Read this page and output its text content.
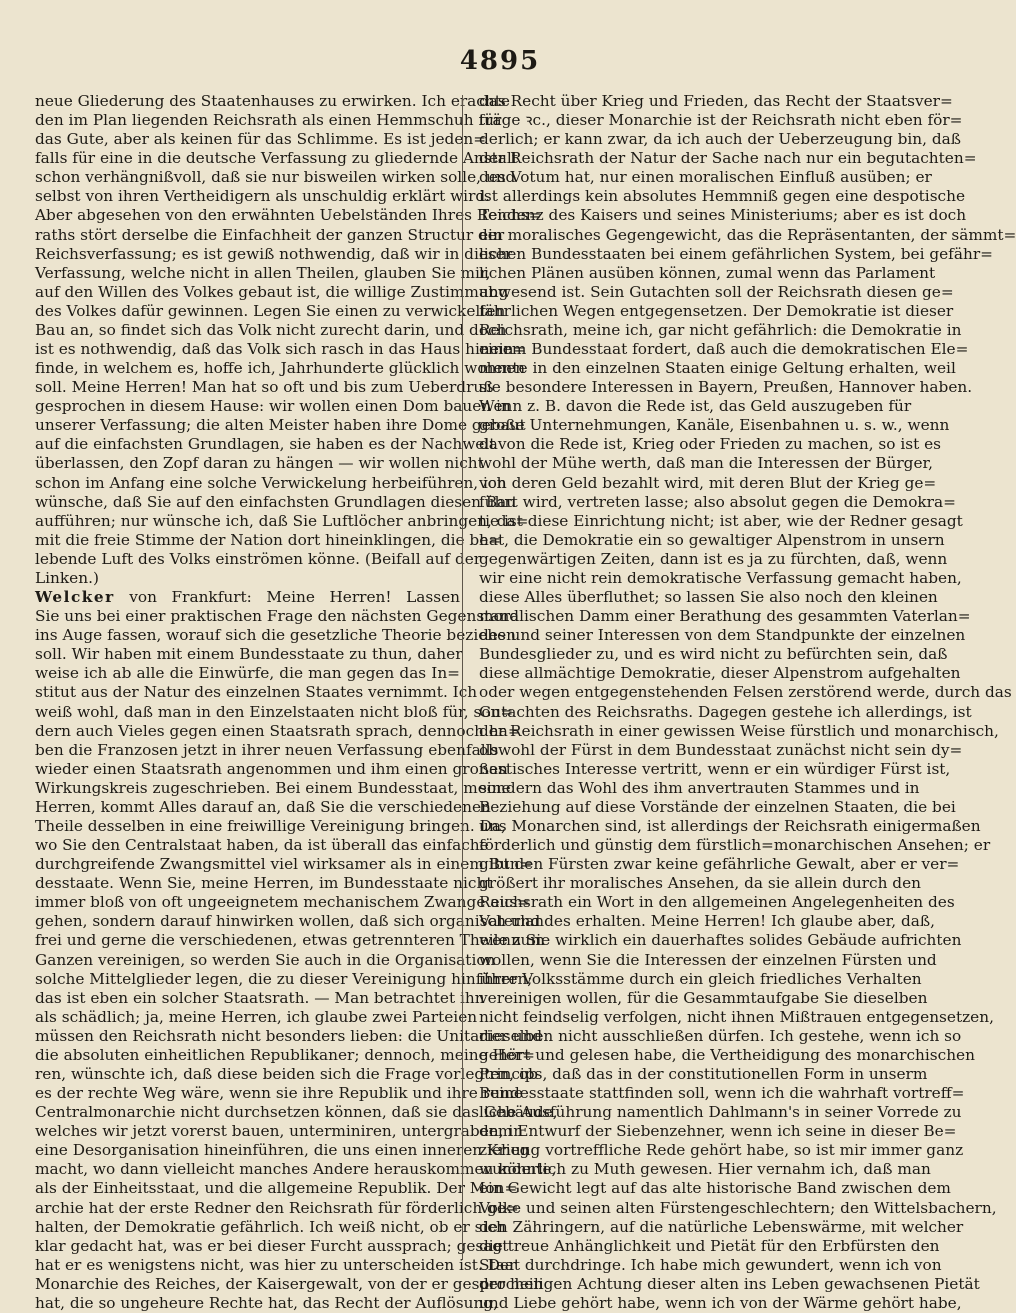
4895
neue Gliederung des Staatenhauses zu erwirken. Ich erachte
den im Plan liegenden Reichsrath als einen Hemmschuh für
das Gute, aber als keinen für das Schlimme. Es ist jeden=
falls für eine in die deutsche Verfassung zu gliedernde Anstalt
schon verhängnißvoll, daß sie nur bisweilen wirken solle, und
selbst von ihren Vertheidigern als unschuldig erklärt wird.
Aber abgesehen von den erwähnten Uebelständen Ihres Reichs=
raths stört derselbe die Einfachheit der ganzen Structur der
Reichsverfassung; es ist gewiß nothwendig, daß wir in dieser
Verfassung, welche nicht in allen Theilen, glauben Sie mir,
auf den Willen des Volkes gebaut ist, die willige Zustimmung
des Volkes dafür gewinnen. Legen Sie einen zu verwickelten
Bau an, so findet sich das Volk nicht zurecht darin, und doch
ist es nothwendig, daß das Volk sich rasch in das Haus hinein=
finde, in welchem es, hoffe ich, Jahrhunderte glücklich wohnen
soll. Meine Herren! Man hat so oft und bis zum Ueberdruß
gesprochen in diesem Hause: wir wollen einen Dom bauen in
unserer Verfassung; die alten Meister haben ihre Dome gebaut
auf die einfachsten Grundlagen, sie haben es der Nachwelt
überlassen, den Zopf daran zu hängen — wir wollen nicht
schon im Anfang eine solche Verwickelung herbeiführen, ich
wünsche, daß Sie auf den einfachsten Grundlagen diesen Bau
aufführen; nur wünsche ich, daß Sie Luftlöcher anbringen, da=
mit die freie Stimme der Nation dort hineinklingen, die be=
lebende Luft des Volks einströmen könne. (Beifall auf der
Linken.)
Welcker von Frankfurt: Meine Herren! Lassen
Sie uns bei einer praktischen Frage den nächsten Gegenstand
ins Auge fassen, worauf sich die gesetzliche Theorie beziehen
soll. Wir haben mit einem Bundesstaate zu thun, daher
weise ich ab alle die Einwürfe, die man gegen das In=
stitut aus der Natur des einzelnen Staates vernimmt. Ich
weiß wohl, daß man in den Einzelstaaten nicht bloß für, son=
dern auch Vieles gegen einen Staatsrath sprach, dennoch ha=
ben die Franzosen jetzt in ihrer neuen Verfassung ebenfalls
wieder einen Staatsrath angenommen und ihm einen großen
Wirkungskreis zugeschrieben. Bei einem Bundesstaat, meine
Herren, kommt Alles darauf an, daß Sie die verschiedenen
Theile desselben in eine freiwillige Vereinigung bringen. Da,
wo Sie den Centralstaat haben, da ist überall das einfache
durchgreifende Zwangsmittel viel wirksamer als in einem Bun=
desstaate. Wenn Sie, meine Herren, im Bundesstaate nicht
immer bloß von oft ungeeignetem mechanischem Zwange aus=
gehen, sondern darauf hinwirken wollen, daß sich organisch und
frei und gerne die verschiedenen, etwas getrennteren Theile zum
Ganzen vereinigen, so werden Sie auch in die Organisation
solche Mittelglieder legen, die zu dieser Vereinigung hinführen;
das ist eben ein solcher Staatsrath. — Man betrachtet ihn
als schädlich; ja, meine Herren, ich glaube zwei Parteien
müssen den Reichsrath nicht besonders lieben: die Unitarier und
die absoluten einheitlichen Republikaner; dennoch, meine Her=
ren, wünschte ich, daß diese beiden sich die Frage vorlegten, ob
es der rechte Weg wäre, wenn sie ihre Republik und ihre reine
Centralmonarchie nicht durchsetzen können, daß sie das Gebäude,
welches wir jetzt vorerst bauen, unterminiren, untergraben, in
eine Desorganisation hineinführen, die uns einen inneren Krieg
macht, wo dann vielleicht manches Andere herauskommen könnte,
als der Einheitsstaat, und die allgemeine Republik. Der Mon=
archie hat der erste Redner den Reichsrath für förderlich ge=
halten, der Demokratie gefährlich. Ich weiß nicht, ob er sich
klar gedacht hat, was er bei dieser Furcht aussprach; gesagt
hat er es wenigstens nicht, was hier zu unterscheiden ist. Der
Monarchie des Reiches, der Kaisergewalt, von der er gesprochen
hat, die so ungeheure Rechte hat, das Recht der Auflösung,
das Recht über Krieg und Frieden, das Recht der Staatsver=
träge ꝛc., dieser Monarchie ist der Reichsrath nicht eben för=
derlich; er kann zwar, da ich auch der Ueberzeugung bin, daß
der Reichsrath der Natur der Sache nach nur ein begutachten=
des Votum hat, nur einen moralischen Einfluß ausüben; er
ist allerdings kein absolutes Hemmniß gegen eine despotische
Tendenz des Kaisers und seines Ministeriums; aber es ist doch
ein moralisches Gegengewicht, das die Repräsentanten, der sämmt=
lichen Bundesstaaten bei einem gefährlichen System, bei gefähr=
lichen Plänen ausüben können, zumal wenn das Parlament
abwesend ist. Sein Gutachten soll der Reichsrath diesen ge=
fährlichen Wegen entgegensetzen. Der Demokratie ist dieser
Reichsrath, meine ich, gar nicht gefährlich: die Demokratie in
einem Bundesstaat fordert, daß auch die demokratischen Ele=
mente in den einzelnen Staaten einige Geltung erhalten, weil
sie besondere Interessen in Bayern, Preußen, Hannover haben.
Wenn z. B. davon die Rede ist, das Geld auszugeben für
große Unternehmungen, Kanäle, Eisenbahnen u. s. w., wenn
davon die Rede ist, Krieg oder Frieden zu machen, so ist es
wohl der Mühe werth, daß man die Interessen der Bürger,
von deren Geld bezahlt wird, mit deren Blut der Krieg ge=
führt wird, vertreten lasse; also absolut gegen die Demokra=
tie ist diese Einrichtung nicht; ist aber, wie der Redner gesagt
hat, die Demokratie ein so gewaltiger Alpenstrom in unsern
gegenwärtigen Zeiten, dann ist es ja zu fürchten, daß, wenn
wir eine nicht rein demokratische Verfassung gemacht haben,
diese Alles überfluthet; so lassen Sie also noch den kleinen
moralischen Damm einer Berathung des gesammten Vaterlan=
des und seiner Interessen von dem Standpunkte der einzelnen
Bundesglieder zu, und es wird nicht zu befürchten sein, daß
diese allmächtige Demokratie, dieser Alpenstrom aufgehalten
oder wegen entgegenstehenden Felsen zerstörend werde, durch das
Gutachten des Reichsraths. Dagegen gestehe ich allerdings, ist
der Reichsrath in einer gewissen Weise fürstlich und monarchisch,
obwohl der Fürst in dem Bundesstaat zunächst nicht sein dy=
nastisches Interesse vertritt, wenn er ein würdiger Fürst ist,
sondern das Wohl des ihm anvertrauten Stammes und in
Beziehung auf diese Vorstände der einzelnen Staaten, die bei
uns Monarchen sind, ist allerdings der Reichsrath einigermaßen
förderlich und günstig dem fürstlich=monarchischen Ansehen; er
gibt den Fürsten zwar keine gefährliche Gewalt, aber er ver=
größert ihr moralisches Ansehen, da sie allein durch den
Reichsrath ein Wort in den allgemeinen Angelegenheiten des
Vaterlandes erhalten. Meine Herren! Ich glaube aber, daß,
wenn Sie wirklich ein dauerhaftes solides Gebäude aufrichten
wollen, wenn Sie die Interessen der einzelnen Fürsten und
ihrer Volksstämme durch ein gleich friedliches Verhalten
vereinigen wollen, für die Gesammtaufgabe Sie dieselben
nicht feindselig verfolgen, nicht ihnen Mißtrauen entgegensetzen,
dieselben nicht ausschließen dürfen. Ich gestehe, wenn ich so
gehört und gelesen habe, die Vertheidigung des monarchischen
Princips, daß das in der constitutionellen Form in unserm
Bundesstaate stattfinden soll, wenn ich die wahrhaft vortreff=
liche Ausführung namentlich Dahlmann's in seiner Vorrede zu
dem Entwurf der Siebenzehner, wenn ich seine in dieser Be=
ziehung vortreffliche Rede gehört habe, so ist mir immer ganz
wunderlich zu Muth gewesen. Hier vernahm ich, daß man
ein Gewicht legt auf das alte historische Band zwischen dem
Volke und seinen alten Fürstengeschlechtern; den Wittelsbachern,
den Zähringern, auf die natürliche Lebenswärme, mit welcher
die treue Anhänglichkeit und Pietät für den Erbfürsten den
Staat durchdringe. Ich habe mich gewundert, wenn ich von
der heiligen Achtung dieser alten ins Leben gewachsenen Pietät
und Liebe gehört habe, wenn ich von der Wärme gehört habe,
